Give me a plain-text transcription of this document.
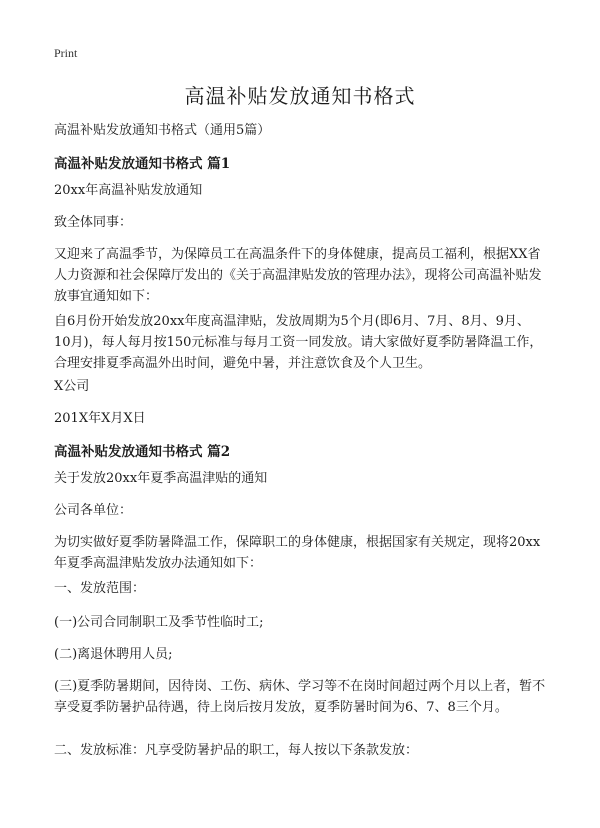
Print
高温补贴发放通知书格式

高温补贴发放通知书格式（通用5篇）

高温补贴发放通知书格式 篇1

20xx年高温补贴发放通知

致全体同事：

又迎来了高温季节，为保障员工在高温条件下的身体健康，提高员工福利，根据XX省人力资源和社会保障厅发出的《关于高温津贴发放的管理办法》，现将公司高温补贴发放事宜通知如下：

自6月份开始发放20xx年度高温津贴，发放周期为5个月(即6月、7月、8月、9月、10月)，每人每月按150元标准与每月工资一同发放。请大家做好夏季防暑降温工作，合理安排夏季高温外出时间，避免中暑，并注意饮食及个人卫生。

X公司

201X年X月X日

高温补贴发放通知书格式 篇2

关于发放20xx年夏季高温津贴的通知

公司各单位：

为切实做好夏季防暑降温工作，保障职工的身体健康，根据国家有关规定，现将20xx年夏季高温津贴发放办法通知如下：

一、发放范围：

(一)公司合同制职工及季节性临时工;

(二)离退休聘用人员;

(三)夏季防暑期间，因待岗、工伤、病休、学习等不在岗时间超过两个月以上者，暂不享受夏季防暑护品待遇，待上岗后按月发放，夏季防暑时间为6、7、8三个月。

二、发放标准：凡享受防暑护品的职工，每人按以下条款发放：
